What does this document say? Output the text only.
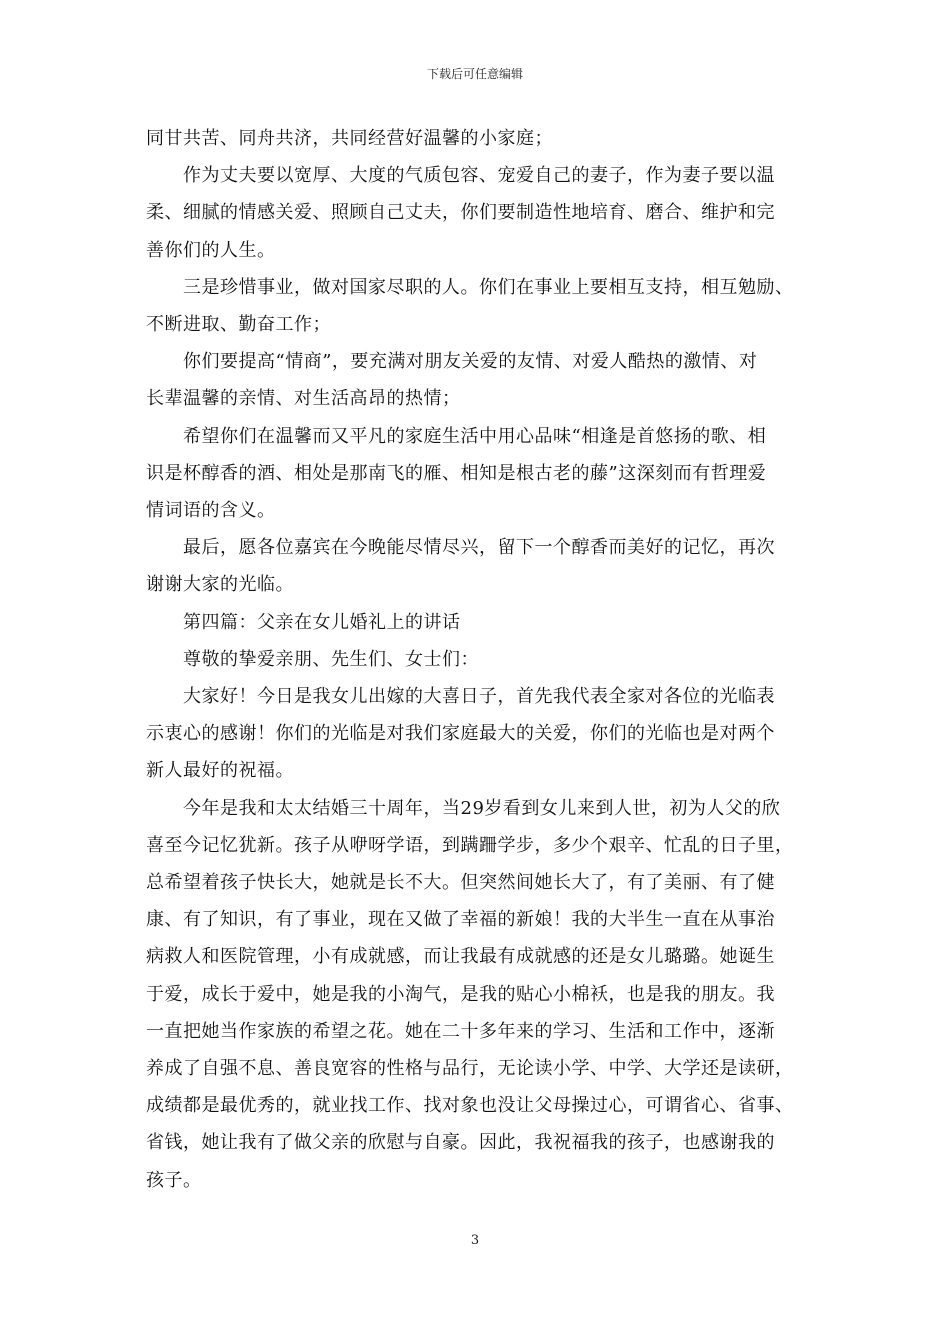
下载后可任意编辑

同甘共苦、同舟共济，共同经营好温馨的小家庭；

　　作为丈夫要以宽厚、大度的气质包容、宠爱自己的妻子，作为妻子要以温

柔、细腻的情感关爱、照顾自己丈夫，你们要制造性地培育、磨合、维护和完

善你们的人生。

　　三是珍惜事业，做对国家尽职的人。你们在事业上要相互支持，相互勉励、

不断进取、勤奋工作；

　　你们要提高“情商”，要充满对朋友关爱的友情、对爱人酷热的激情、对

长辈温馨的亲情、对生活高昂的热情；

　　希望你们在温馨而又平凡的家庭生活中用心品味“相逢是首悠扬的歌、相

识是杯醇香的酒、相处是那南飞的雁、相知是根古老的藤”这深刻而有哲理爱

情词语的含义。

　　最后，愿各位嘉宾在今晚能尽情尽兴，留下一个醇香而美好的记忆，再次

谢谢大家的光临。

　　第四篇：父亲在女儿婚礼上的讲话

　　尊敬的挚爱亲朋、先生们、女士们：

　　大家好！今日是我女儿出嫁的大喜日子，首先我代表全家对各位的光临表

示衷心的感谢！你们的光临是对我们家庭最大的关爱，你们的光临也是对两个

新人最好的祝福。

　　今年是我和太太结婚三十周年，当29岁看到女儿来到人世，初为人父的欣

喜至今记忆犹新。孩子从咿呀学语，到蹒跚学步，多少个艰辛、忙乱的日子里，

总希望着孩子快长大，她就是长不大。但突然间她长大了，有了美丽、有了健

康、有了知识，有了事业，现在又做了幸福的新娘！我的大半生一直在从事治

病救人和医院管理，小有成就感，而让我最有成就感的还是女儿璐璐。她诞生

于爱，成长于爱中，她是我的小淘气，是我的贴心小棉袄，也是我的朋友。我

一直把她当作家族的希望之花。她在二十多年来的学习、生活和工作中，逐渐

养成了自强不息、善良宽容的性格与品行，无论读小学、中学、大学还是读研，

成绩都是最优秀的，就业找工作、找对象也没让父母操过心，可谓省心、省事、

省钱，她让我有了做父亲的欣慰与自豪。因此，我祝福我的孩子，也感谢我的

孩子。

3
